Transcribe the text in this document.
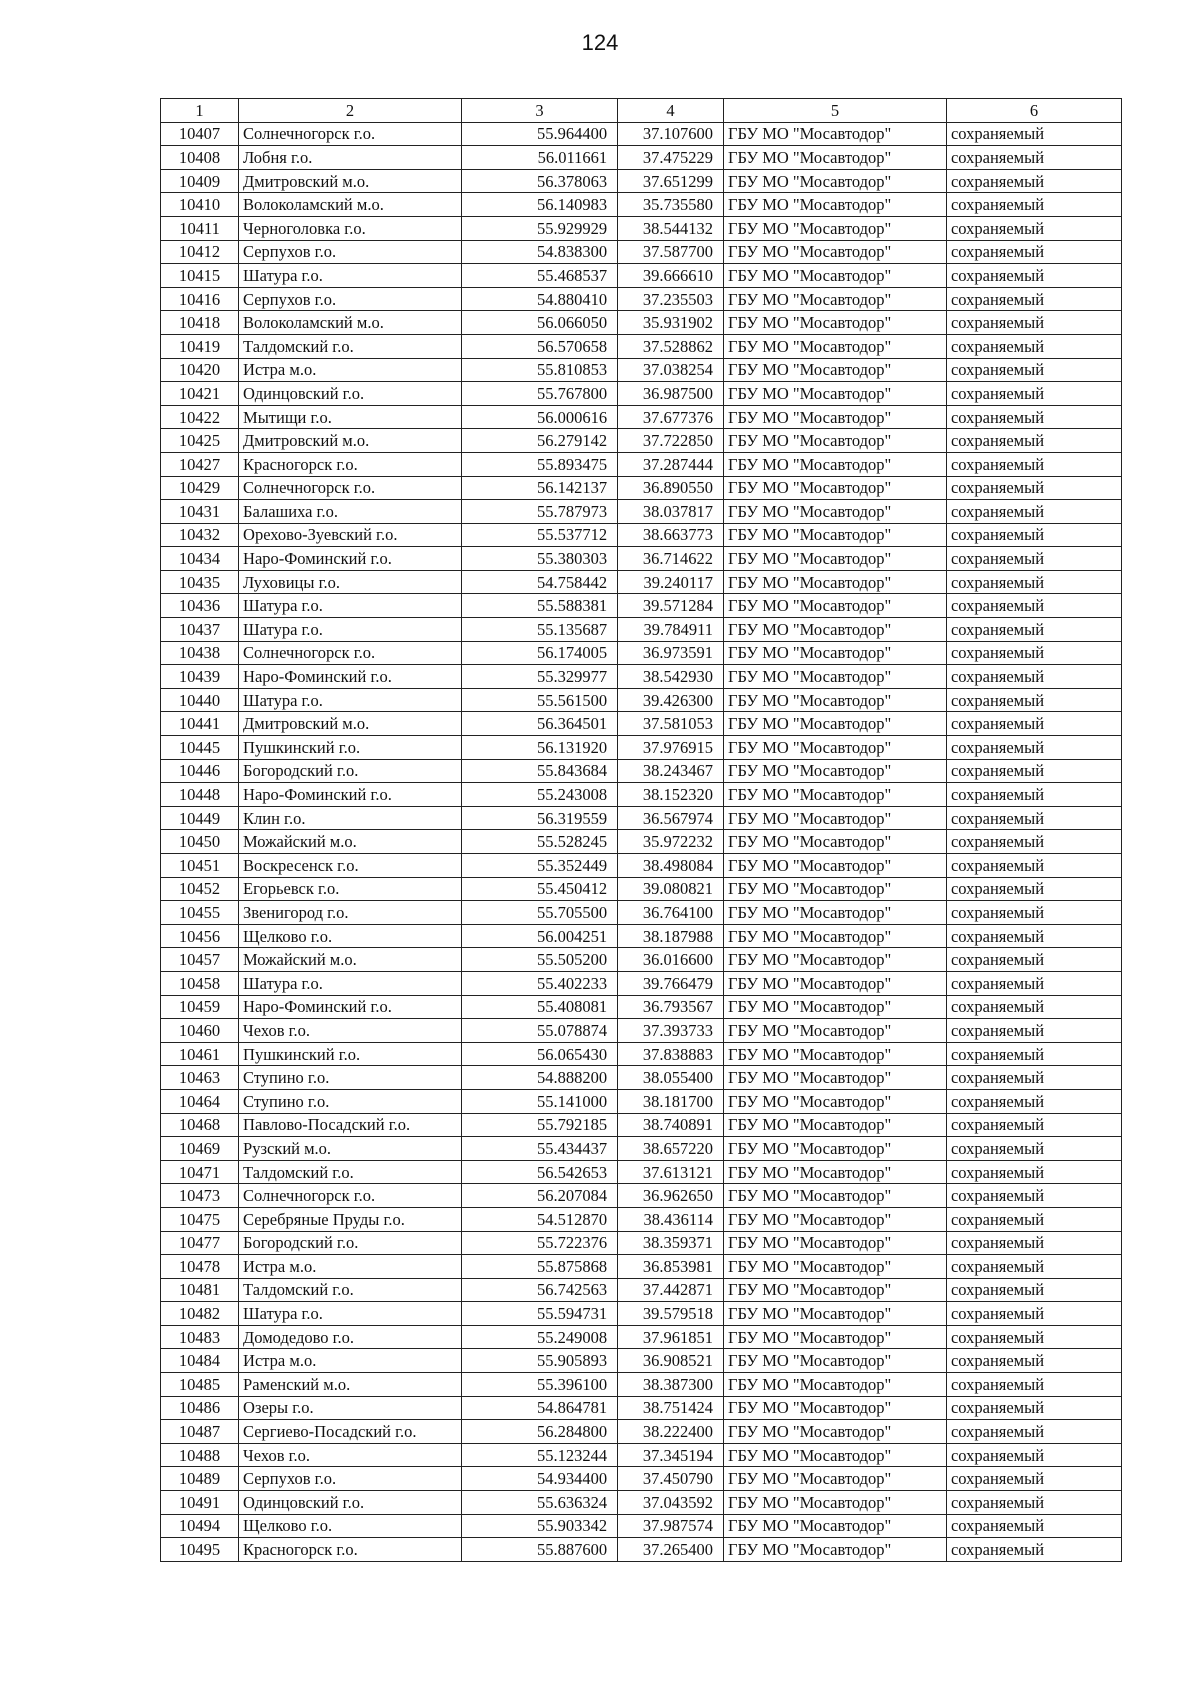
124
1	2	3	4	5	6
10407	Солнечногорск г.о.	55.964400	37.107600	ГБУ МО "Мосавтодор"	сохраняемый
10408	Лобня г.о.	56.011661	37.475229	ГБУ МО "Мосавтодор"	сохраняемый
10409	Дмитровский м.о.	56.378063	37.651299	ГБУ МО "Мосавтодор"	сохраняемый
10410	Волоколамский м.о.	56.140983	35.735580	ГБУ МО "Мосавтодор"	сохраняемый
10411	Черноголовка г.о.	55.929929	38.544132	ГБУ МО "Мосавтодор"	сохраняемый
10412	Серпухов г.о.	54.838300	37.587700	ГБУ МО "Мосавтодор"	сохраняемый
10415	Шатура г.о.	55.468537	39.666610	ГБУ МО "Мосавтодор"	сохраняемый
10416	Серпухов г.о.	54.880410	37.235503	ГБУ МО "Мосавтодор"	сохраняемый
10418	Волоколамский м.о.	56.066050	35.931902	ГБУ МО "Мосавтодор"	сохраняемый
10419	Талдомский г.о.	56.570658	37.528862	ГБУ МО "Мосавтодор"	сохраняемый
10420	Истра м.о.	55.810853	37.038254	ГБУ МО "Мосавтодор"	сохраняемый
10421	Одинцовский г.о.	55.767800	36.987500	ГБУ МО "Мосавтодор"	сохраняемый
10422	Мытищи г.о.	56.000616	37.677376	ГБУ МО "Мосавтодор"	сохраняемый
10425	Дмитровский м.о.	56.279142	37.722850	ГБУ МО "Мосавтодор"	сохраняемый
10427	Красногорск г.о.	55.893475	37.287444	ГБУ МО "Мосавтодор"	сохраняемый
10429	Солнечногорск г.о.	56.142137	36.890550	ГБУ МО "Мосавтодор"	сохраняемый
10431	Балашиха г.о.	55.787973	38.037817	ГБУ МО "Мосавтодор"	сохраняемый
10432	Орехово-Зуевский г.о.	55.537712	38.663773	ГБУ МО "Мосавтодор"	сохраняемый
10434	Наро-Фоминский г.о.	55.380303	36.714622	ГБУ МО "Мосавтодор"	сохраняемый
10435	Луховицы г.о.	54.758442	39.240117	ГБУ МО "Мосавтодор"	сохраняемый
10436	Шатура г.о.	55.588381	39.571284	ГБУ МО "Мосавтодор"	сохраняемый
10437	Шатура г.о.	55.135687	39.784911	ГБУ МО "Мосавтодор"	сохраняемый
10438	Солнечногорск г.о.	56.174005	36.973591	ГБУ МО "Мосавтодор"	сохраняемый
10439	Наро-Фоминский г.о.	55.329977	38.542930	ГБУ МО "Мосавтодор"	сохраняемый
10440	Шатура г.о.	55.561500	39.426300	ГБУ МО "Мосавтодор"	сохраняемый
10441	Дмитровский м.о.	56.364501	37.581053	ГБУ МО "Мосавтодор"	сохраняемый
10445	Пушкинский г.о.	56.131920	37.976915	ГБУ МО "Мосавтодор"	сохраняемый
10446	Богородский г.о.	55.843684	38.243467	ГБУ МО "Мосавтодор"	сохраняемый
10448	Наро-Фоминский г.о.	55.243008	38.152320	ГБУ МО "Мосавтодор"	сохраняемый
10449	Клин г.о.	56.319559	36.567974	ГБУ МО "Мосавтодор"	сохраняемый
10450	Можайский м.о.	55.528245	35.972232	ГБУ МО "Мосавтодор"	сохраняемый
10451	Воскресенск г.о.	55.352449	38.498084	ГБУ МО "Мосавтодор"	сохраняемый
10452	Егорьевск г.о.	55.450412	39.080821	ГБУ МО "Мосавтодор"	сохраняемый
10455	Звенигород г.о.	55.705500	36.764100	ГБУ МО "Мосавтодор"	сохраняемый
10456	Щелково г.о.	56.004251	38.187988	ГБУ МО "Мосавтодор"	сохраняемый
10457	Можайский м.о.	55.505200	36.016600	ГБУ МО "Мосавтодор"	сохраняемый
10458	Шатура г.о.	55.402233	39.766479	ГБУ МО "Мосавтодор"	сохраняемый
10459	Наро-Фоминский г.о.	55.408081	36.793567	ГБУ МО "Мосавтодор"	сохраняемый
10460	Чехов г.о.	55.078874	37.393733	ГБУ МО "Мосавтодор"	сохраняемый
10461	Пушкинский г.о.	56.065430	37.838883	ГБУ МО "Мосавтодор"	сохраняемый
10463	Ступино г.о.	54.888200	38.055400	ГБУ МО "Мосавтодор"	сохраняемый
10464	Ступино г.о.	55.141000	38.181700	ГБУ МО "Мосавтодор"	сохраняемый
10468	Павлово-Посадский г.о.	55.792185	38.740891	ГБУ МО "Мосавтодор"	сохраняемый
10469	Рузский м.о.	55.434437	38.657220	ГБУ МО "Мосавтодор"	сохраняемый
10471	Талдомский г.о.	56.542653	37.613121	ГБУ МО "Мосавтодор"	сохраняемый
10473	Солнечногорск г.о.	56.207084	36.962650	ГБУ МО "Мосавтодор"	сохраняемый
10475	Серебряные Пруды г.о.	54.512870	38.436114	ГБУ МО "Мосавтодор"	сохраняемый
10477	Богородский г.о.	55.722376	38.359371	ГБУ МО "Мосавтодор"	сохраняемый
10478	Истра м.о.	55.875868	36.853981	ГБУ МО "Мосавтодор"	сохраняемый
10481	Талдомский г.о.	56.742563	37.442871	ГБУ МО "Мосавтодор"	сохраняемый
10482	Шатура г.о.	55.594731	39.579518	ГБУ МО "Мосавтодор"	сохраняемый
10483	Домодедово г.о.	55.249008	37.961851	ГБУ МО "Мосавтодор"	сохраняемый
10484	Истра м.о.	55.905893	36.908521	ГБУ МО "Мосавтодор"	сохраняемый
10485	Раменский м.о.	55.396100	38.387300	ГБУ МО "Мосавтодор"	сохраняемый
10486	Озеры г.о.	54.864781	38.751424	ГБУ МО "Мосавтодор"	сохраняемый
10487	Сергиево-Посадский г.о.	56.284800	38.222400	ГБУ МО "Мосавтодор"	сохраняемый
10488	Чехов г.о.	55.123244	37.345194	ГБУ МО "Мосавтодор"	сохраняемый
10489	Серпухов г.о.	54.934400	37.450790	ГБУ МО "Мосавтодор"	сохраняемый
10491	Одинцовский г.о.	55.636324	37.043592	ГБУ МО "Мосавтодор"	сохраняемый
10494	Щелково г.о.	55.903342	37.987574	ГБУ МО "Мосавтодор"	сохраняемый
10495	Красногорск г.о.	55.887600	37.265400	ГБУ МО "Мосавтодор"	сохраняемый
